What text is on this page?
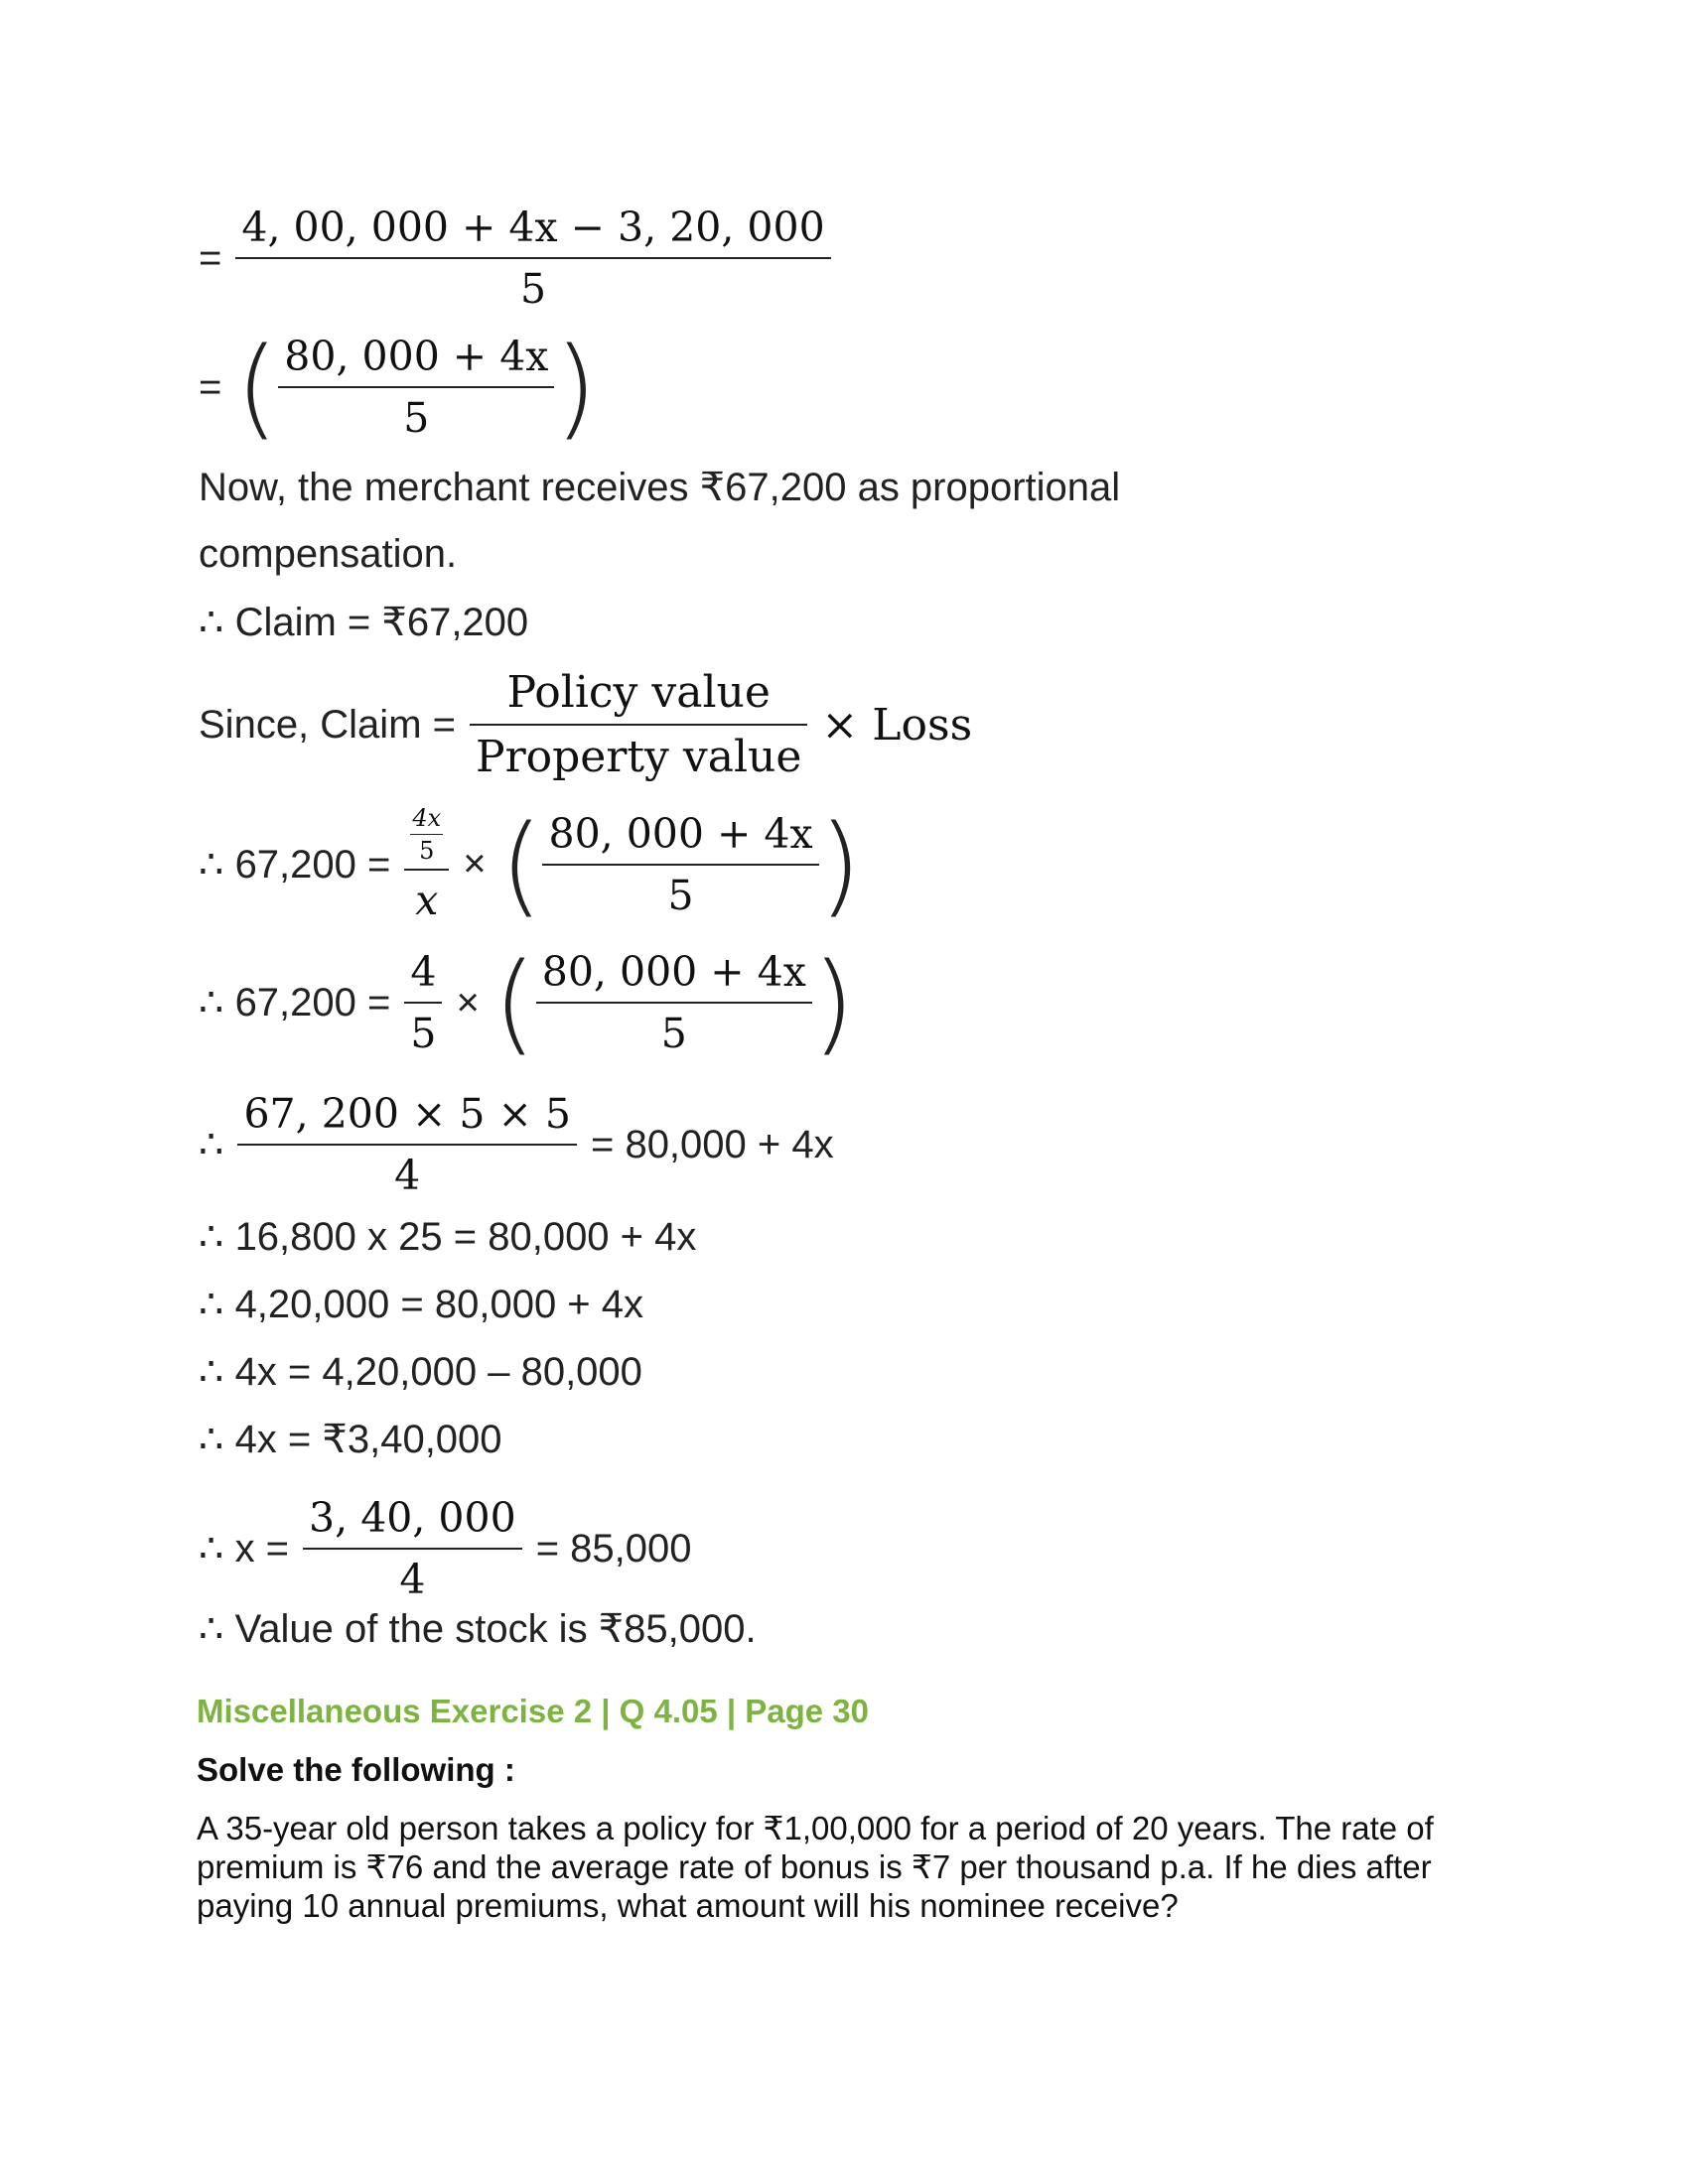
= $\frac{4, 00, 000 + 4x - 3, 20, 000}{5}$
= ( $\frac{80, 000 + 4x}{5}$ )
Now, the merchant receives ₹67,200 as proportional
compensation.
∴ Claim = ₹67,200
Since, Claim = $\frac{\text{Policy value}}{\text{Property value}}$ × Loss
∴ $67,200 = \frac{\frac{4x}{5}}{x}$ × ( $\frac{80, 000 + 4x}{5}$ )
∴ $67,200 = \frac{4}{5}$ × ( $\frac{80, 000 + 4x}{5}$ )
∴ $\frac{67, 200 \times 5 \times 5}{4} = 80,000 + 4x$
∴ 16,800 x 25 = 80,000 + 4x
∴ 4,20,000 = 80,000 + 4x
∴ 4x = 4,20,000 – 80,000
∴ 4x = ₹3,40,000
∴ $x = \frac{3, 40, 000}{4} = 85,000$
∴ Value of the stock is ₹85,000.
Miscellaneous Exercise 2 | Q 4.05 | Page 30
Solve the following :
A 35-year old person takes a policy for ₹1,00,000 for a period of 20 years. The rate of premium is ₹76 and the average rate of bonus is ₹7 per thousand p.a. If he dies after paying 10 annual premiums, what amount will his nominee receive?
